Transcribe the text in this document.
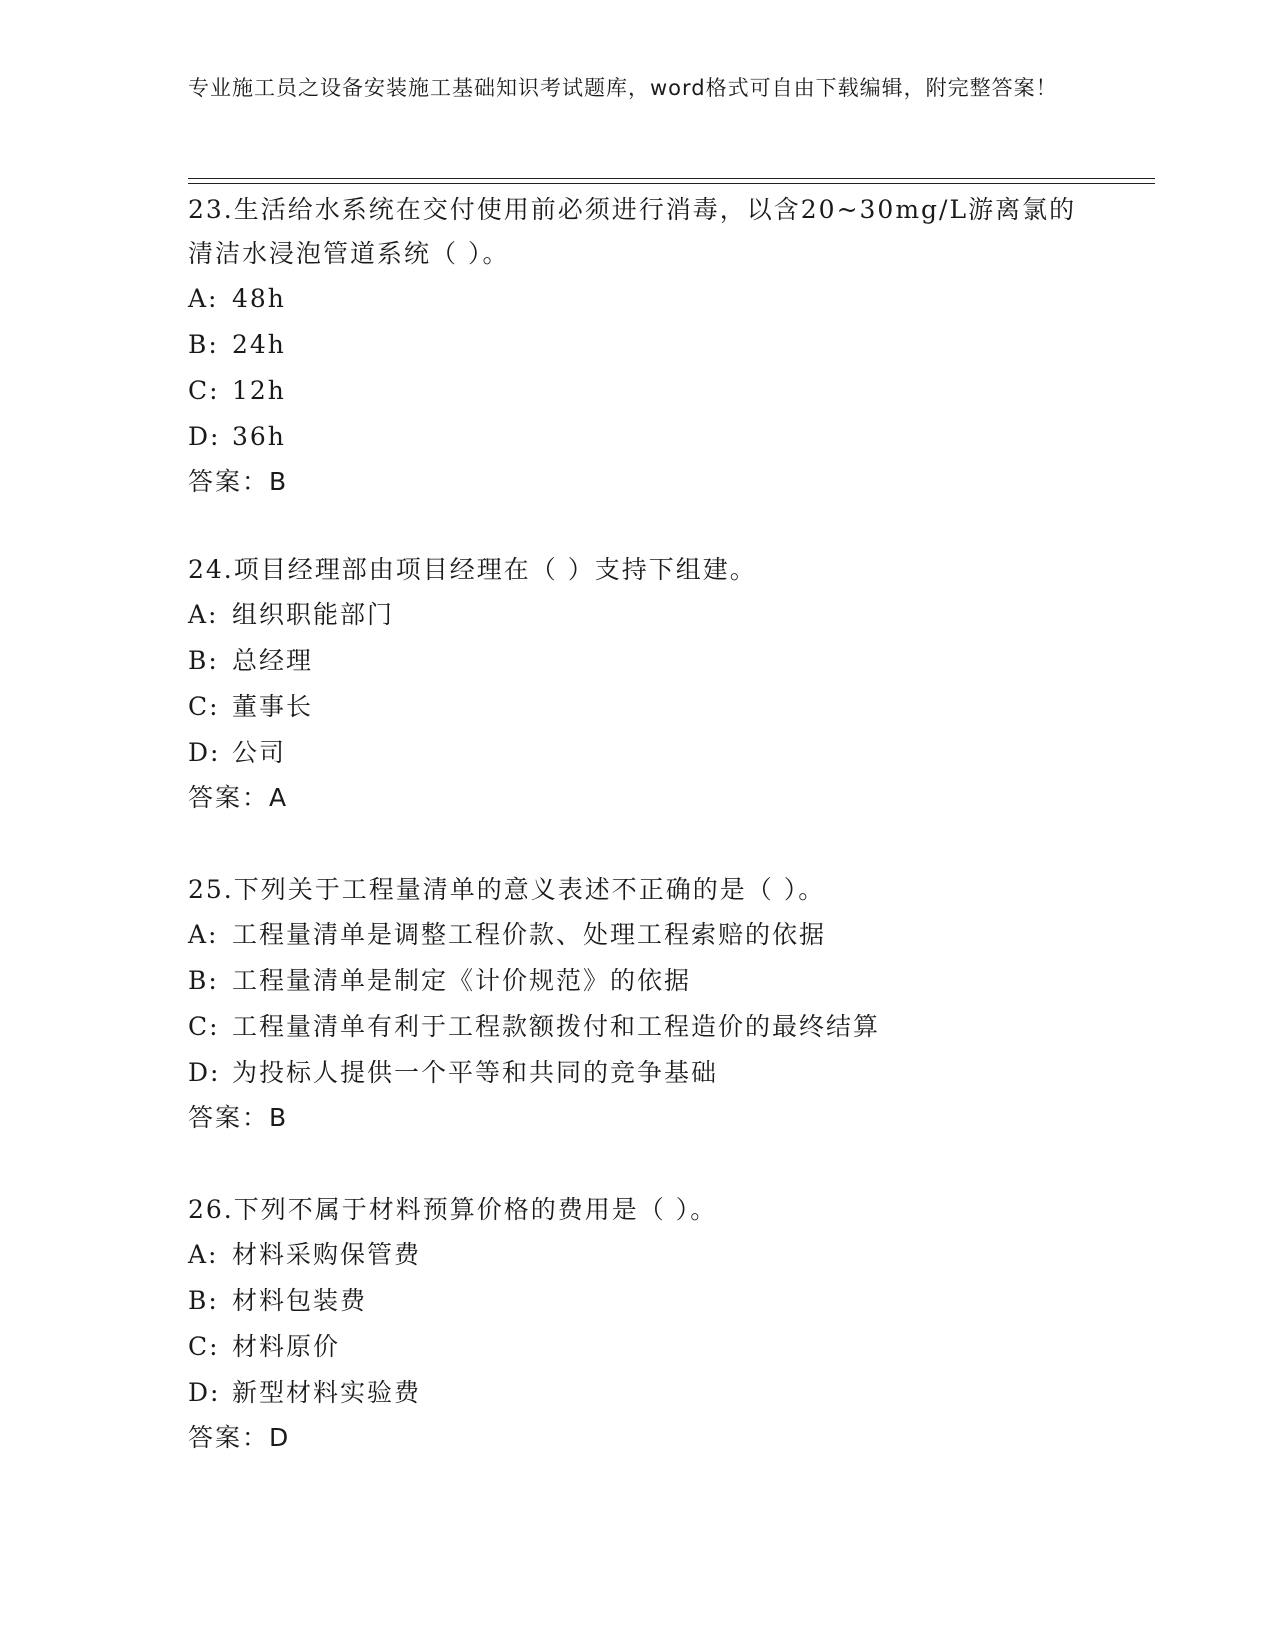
专业施工员之设备安装施工基础知识考试题库，word格式可自由下载编辑，附完整答案！

23.生活给水系统在交付使用前必须进行消毒，以含20~30mg/L游离氯的清洁水浸泡管道系统（ ）。

A: 48h

B: 24h

C: 12h

D: 36h

答案：B

24.项目经理部由项目经理在（ ）支持下组建。

A: 组织职能部门

B: 总经理

C: 董事长

D: 公司

答案：A

25.下列关于工程量清单的意义表述不正确的是（ ）。

A: 工程量清单是调整工程价款、处理工程索赔的依据

B: 工程量清单是制定《计价规范》的依据

C: 工程量清单有利于工程款额拨付和工程造价的最终结算

D: 为投标人提供一个平等和共同的竞争基础

答案：B

26.下列不属于材料预算价格的费用是（ ）。

A: 材料采购保管费

B: 材料包装费

C: 材料原价

D: 新型材料实验费

答案：D
